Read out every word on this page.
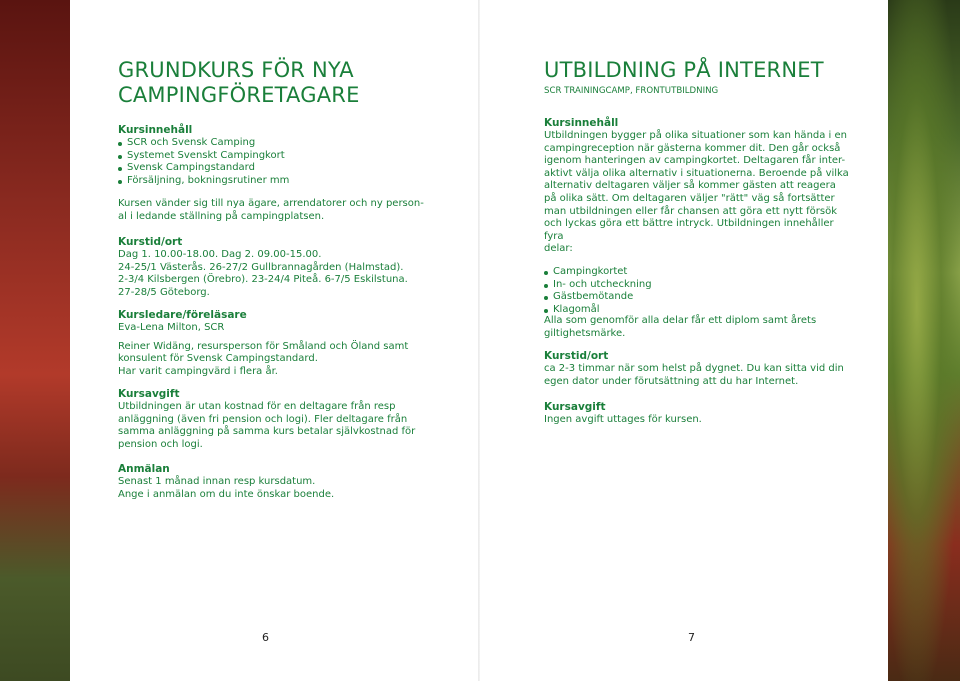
GRUNDKURS FÖR NYA
CAMPINGFÖRETAGARE
Kursinnehåll
SCR och Svensk Camping
Systemet Svenskt Campingkort
Svensk Campingstandard
Försäljning, bokningsrutiner mm

Kursen vänder sig till nya ägare, arrendatorer och ny person-

al i ledande ställning på campingplatsen.

Kurstid/ort

Dag 1. 10.00-18.00. Dag 2. 09.00-15.00.

24-25/1 Västerås. 26-27/2 Gullbrannagården (Halmstad).

2-3/4 Kilsbergen (Örebro). 23-24/4 Piteå. 6-7/5 Eskilstuna.

27-28/5 Göteborg.

Kursledare/föreläsare

Eva-Lena Milton, SCR

Reiner Widäng, resursperson för Småland och Öland samt

konsulent för Svensk Campingstandard.

Har varit campingvärd i flera år.

Kursavgift

Utbildningen är utan kostnad för en deltagare från resp

anläggning (även fri pension och logi). Fler deltagare från

samma anläggning på samma kurs betalar självkostnad för

pension och logi.

Anmälan

Senast 1 månad innan resp kursdatum.

Ange i anmälan om du inte önskar boende.

6
UTBILDNING PÅ INTERNET
SCR TRAININGCAMP, FRONTUTBILDNING
Kursinnehåll

Utbildningen bygger på olika situationer som kan hända i en

campingreception när gästerna kommer dit. Den går också

igenom hanteringen av campingkortet. Deltagaren får inter-

aktivt välja olika alternativ i situationerna. Beroende på vilka

alternativ deltagaren väljer så kommer gästen att reagera

på olika sätt. Om deltagaren väljer "rätt" väg så fortsätter

man utbildningen eller får chansen att göra ett nytt försök

och lyckas göra ett bättre intryck. Utbildningen innehåller fyra

delar:

Campingkortet
In- och utcheckning
Gästbemötande
Klagomål

Alla som genomför alla delar får ett diplom samt årets

giltighetsmärke.

Kurstid/ort

ca 2-3 timmar när som helst på dygnet. Du kan sitta vid din

egen dator under förutsättning att du har Internet.

Kursavgift

Ingen avgift uttages för kursen.

7
